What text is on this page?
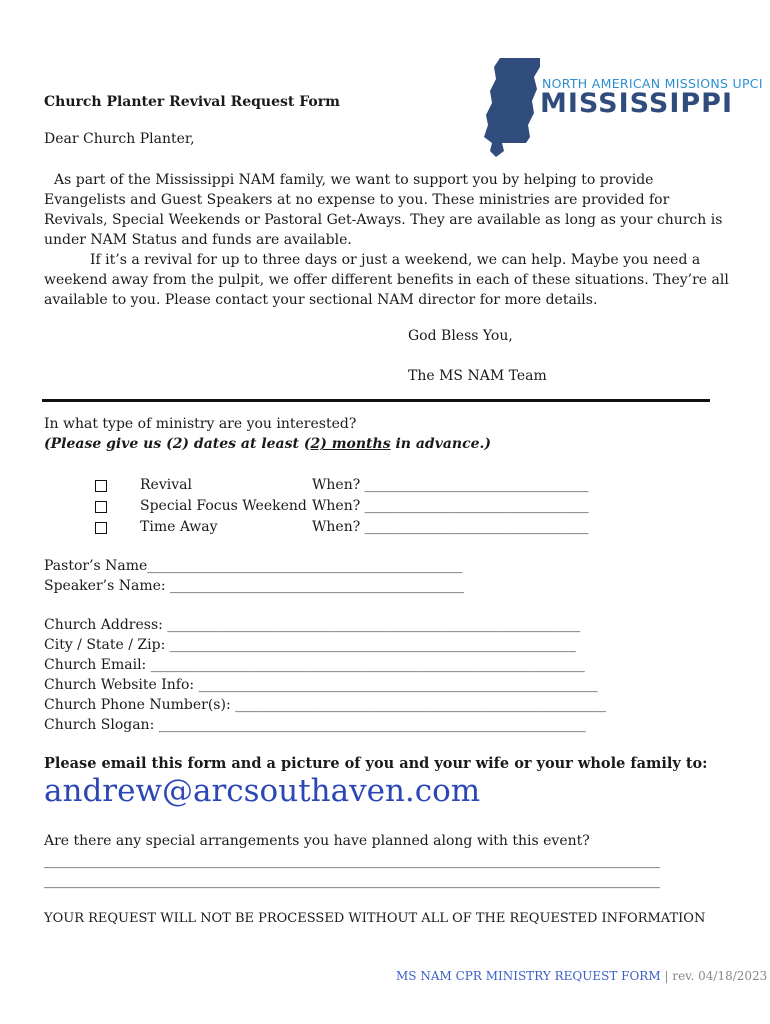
NORTH AMERICAN MISSIONS UPCI
MISSISSIPPI
Church Planter Revival Request Form
Dear Church Planter,
As part of the Mississippi NAM family, we want to support you by helping to provide Evangelists and Guest Speakers at no expense to you. These ministries are provided for Revivals, Special Weekends or Pastoral Get-Aways. They are available as long as your church is under NAM Status and funds are available.
If it’s a revival for up to three days or just a weekend, we can help. Maybe you need a weekend away from the pulpit, we offer different benefits in each of these situations. They’re all available to you. Please contact your sectional NAM director for more details.
God Bless You,
The MS NAM Team
In what type of ministry are you interested?
(Please give us (2) dates at least (2) months in advance.)
Revival	When? ________________________________
Special Focus Weekend When? ________________________________
Time Away	When? ________________________________
Pastor’s Name_____________________________________________
Speaker’s Name: __________________________________________
Church Address: ___________________________________________________________
City / State / Zip: __________________________________________________________
Church Email: ______________________________________________________________
Church Website Info: _________________________________________________________
Church Phone Number(s): _____________________________________________________
Church Slogan: _____________________________________________________________
Please email this form and a picture of you and your wife or your whole family to:
andrew@arcsouthaven.com
Are there any special arrangements you have planned along with this event?
________________________________________________________________________________________
________________________________________________________________________________________
YOUR REQUEST WILL NOT BE PROCESSED WITHOUT ALL OF THE REQUESTED INFORMATION
MS NAM CPR MINISTRY REQUEST FORM | rev. 04/18/2023
